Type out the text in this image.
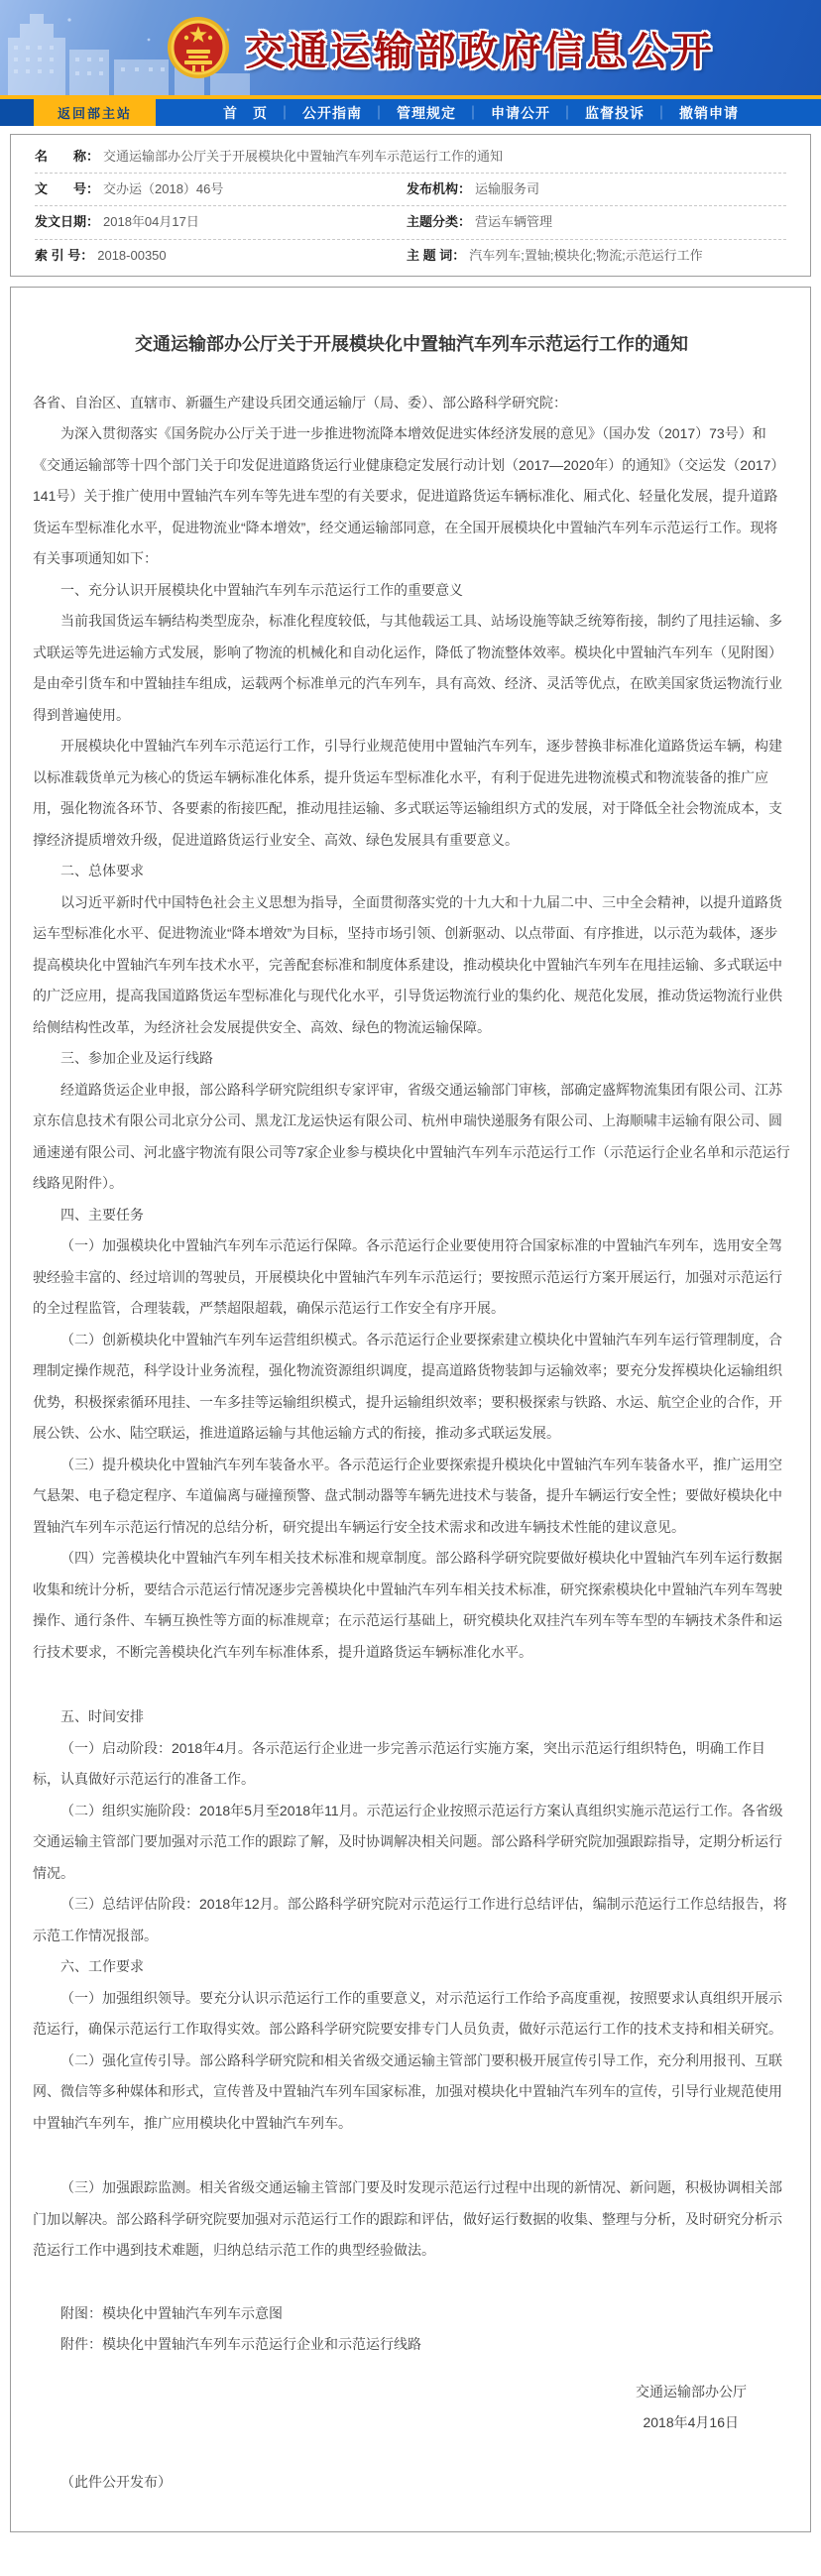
交通运输部政府信息公开
返回部主站	首　页 ｜ 公开指南 ｜ 管理规定 ｜ 申请公开 ｜ 监督投诉 ｜ 撤销申请
名　　称： 交通运输部办公厅关于开展模块化中置轴汽车列车示范运行工作的通知
文　　号： 交办运（2018）46号	发布机构： 运输服务司
发文日期： 2018年04月17日	主题分类： 营运车辆管理
索 引 号： 2018-00350	主 题 词： 汽车列车;置轴;模块化;物流;示范运行工作
交通运输部办公厅关于开展模块化中置轴汽车列车示范运行工作的通知

各省、自治区、直辖市、新疆生产建设兵团交通运输厅（局、委）、部公路科学研究院：

为深入贯彻落实《国务院办公厅关于进一步推进物流降本增效促进实体经济发展的意见》（国办发（2017）73号）和《交通运输部等十四个部门关于印发促进道路货运行业健康稳定发展行动计划（2017—2020年）的通知》（交运发（2017）141号）关于推广使用中置轴汽车列车等先进车型的有关要求，促进道路货运车辆标准化、厢式化、轻量化发展，提升道路货运车型标准化水平，促进物流业“降本增效”，经交通运输部同意，在全国开展模块化中置轴汽车列车示范运行工作。现将有关事项通知如下：

一、充分认识开展模块化中置轴汽车列车示范运行工作的重要意义

当前我国货运车辆结构类型庞杂，标准化程度较低，与其他载运工具、站场设施等缺乏统筹衔接，制约了甩挂运输、多式联运等先进运输方式发展，影响了物流的机械化和自动化运作，降低了物流整体效率。模块化中置轴汽车列车（见附图）是由牵引货车和中置轴挂车组成，运载两个标准单元的汽车列车，具有高效、经济、灵活等优点，在欧美国家货运物流行业得到普遍使用。

开展模块化中置轴汽车列车示范运行工作，引导行业规范使用中置轴汽车列车，逐步替换非标准化道路货运车辆，构建以标准载货单元为核心的货运车辆标准化体系，提升货运车型标准化水平，有利于促进先进物流模式和物流装备的推广应用，强化物流各环节、各要素的衔接匹配，推动甩挂运输、多式联运等运输组织方式的发展，对于降低全社会物流成本，支撑经济提质增效升级，促进道路货运行业安全、高效、绿色发展具有重要意义。

二、总体要求

以习近平新时代中国特色社会主义思想为指导，全面贯彻落实党的十九大和十九届二中、三中全会精神，以提升道路货运车型标准化水平、促进物流业“降本增效”为目标，坚持市场引领、创新驱动、以点带面、有序推进，以示范为载体，逐步提高模块化中置轴汽车列车技术水平，完善配套标准和制度体系建设，推动模块化中置轴汽车列车在甩挂运输、多式联运中的广泛应用，提高我国道路货运车型标准化与现代化水平，引导货运物流行业的集约化、规范化发展，推动货运物流行业供给侧结构性改革，为经济社会发展提供安全、高效、绿色的物流运输保障。

三、参加企业及运行线路

经道路货运企业申报，部公路科学研究院组织专家评审，省级交通运输部门审核，部确定盛辉物流集团有限公司、江苏京东信息技术有限公司北京分公司、黑龙江龙运快运有限公司、杭州申瑞快递服务有限公司、上海顺啸丰运输有限公司、圆通速递有限公司、河北盛宇物流有限公司等7家企业参与模块化中置轴汽车列车示范运行工作（示范运行企业名单和示范运行线路见附件）。

四、主要任务

（一）加强模块化中置轴汽车列车示范运行保障。各示范运行企业要使用符合国家标准的中置轴汽车列车，选用安全驾驶经验丰富的、经过培训的驾驶员，开展模块化中置轴汽车列车示范运行；要按照示范运行方案开展运行，加强对示范运行的全过程监管，合理装载，严禁超限超载，确保示范运行工作安全有序开展。

（二）创新模块化中置轴汽车列车运营组织模式。各示范运行企业要探索建立模块化中置轴汽车列车运行管理制度，合理制定操作规范，科学设计业务流程，强化物流资源组织调度，提高道路货物装卸与运输效率；要充分发挥模块化运输组织优势，积极探索循环甩挂、一车多挂等运输组织模式，提升运输组织效率；要积极探索与铁路、水运、航空企业的合作，开展公铁、公水、陆空联运，推进道路运输与其他运输方式的衔接，推动多式联运发展。

（三）提升模块化中置轴汽车列车装备水平。各示范运行企业要探索提升模块化中置轴汽车列车装备水平，推广运用空气悬架、电子稳定程序、车道偏离与碰撞预警、盘式制动器等车辆先进技术与装备，提升车辆运行安全性；要做好模块化中置轴汽车列车示范运行情况的总结分析，研究提出车辆运行安全技术需求和改进车辆技术性能的建议意见。

（四）完善模块化中置轴汽车列车相关技术标准和规章制度。部公路科学研究院要做好模块化中置轴汽车列车运行数据收集和统计分析，要结合示范运行情况逐步完善模块化中置轴汽车列车相关技术标准，研究探索模块化中置轴汽车列车驾驶操作、通行条件、车辆互换性等方面的标准规章；在示范运行基础上，研究模块化双挂汽车列车等车型的车辆技术条件和运行技术要求，不断完善模块化汽车列车标准体系，提升道路货运车辆标准化水平。

五、时间安排

（一）启动阶段：2018年4月。各示范运行企业进一步完善示范运行实施方案，突出示范运行组织特色，明确工作目标，认真做好示范运行的准备工作。

（二）组织实施阶段：2018年5月至2018年11月。示范运行企业按照示范运行方案认真组织实施示范运行工作。各省级交通运输主管部门要加强对示范工作的跟踪了解，及时协调解决相关问题。部公路科学研究院加强跟踪指导，定期分析运行情况。

（三）总结评估阶段：2018年12月。部公路科学研究院对示范运行工作进行总结评估，编制示范运行工作总结报告，将示范工作情况报部。

六、工作要求

（一）加强组织领导。要充分认识示范运行工作的重要意义，对示范运行工作给予高度重视，按照要求认真组织开展示范运行，确保示范运行工作取得实效。部公路科学研究院要安排专门人员负责，做好示范运行工作的技术支持和相关研究。

（二）强化宣传引导。部公路科学研究院和相关省级交通运输主管部门要积极开展宣传引导工作，充分利用报刊、互联网、微信等多种媒体和形式，宣传普及中置轴汽车列车国家标准，加强对模块化中置轴汽车列车的宣传，引导行业规范使用中置轴汽车列车，推广应用模块化中置轴汽车列车。

（三）加强跟踪监测。相关省级交通运输主管部门要及时发现示范运行过程中出现的新情况、新问题，积极协调相关部门加以解决。部公路科学研究院要加强对示范运行工作的跟踪和评估，做好运行数据的收集、整理与分析，及时研究分析示范运行工作中遇到技术难题，归纳总结示范工作的典型经验做法。

附图：模块化中置轴汽车列车示意图

附件：模块化中置轴汽车列车示范运行企业和示范运行线路

交通运输部办公厅
2018年4月16日
（此件公开发布）
